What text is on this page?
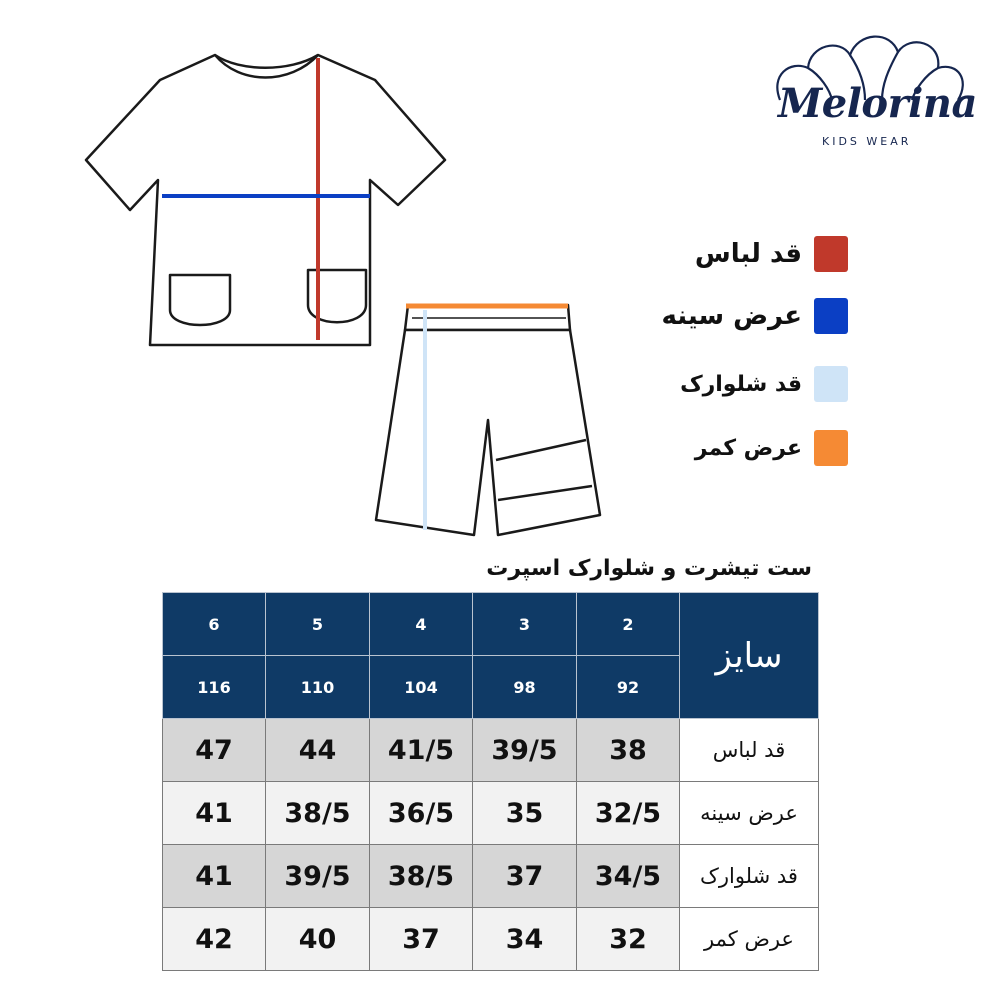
Melorina
KIDS WEAR
قد لباس
عرض سینه
قد شلوارک
عرض کمر
ست تیشرت و شلوارک اسپرت
6	5	4	3	2	سایز
116	110	104	98	92	
47	44	41/5	39/5	38	قد لباس
41	38/5	36/5	35	32/5	عرض سینه
41	39/5	38/5	37	34/5	قد شلوارک
42	40	37	34	32	عرض کمر
